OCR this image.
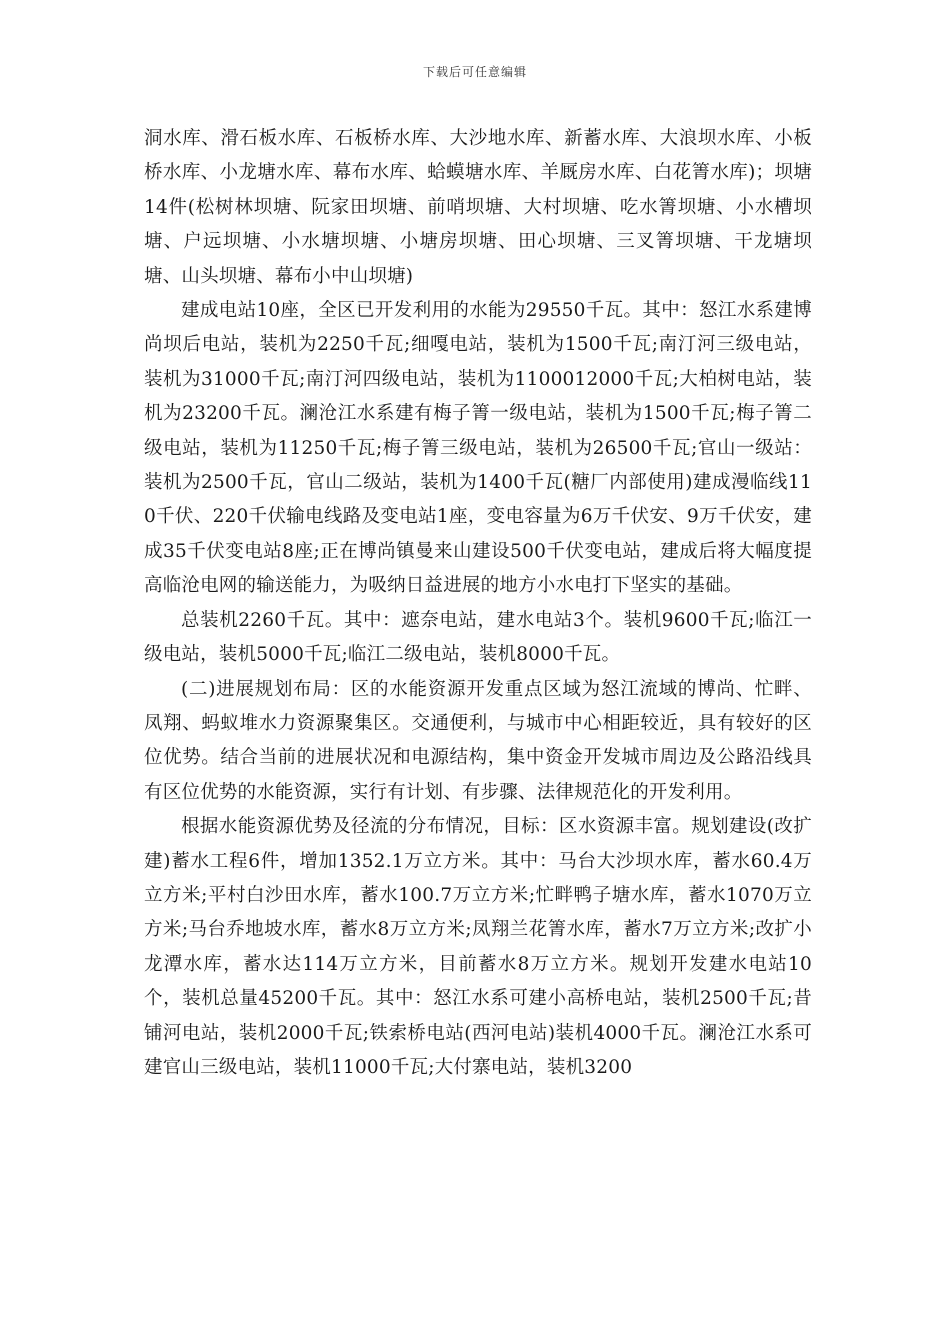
下载后可任意编辑

洞水库、滑石板水库、石板桥水库、大沙地水库、新蓄水库、大浪坝水库、小板桥水库、小龙塘水库、幕布水库、蛤蟆塘水库、羊厩房水库、白花箐水库)；坝塘14件(松树林坝塘、阮家田坝塘、前哨坝塘、大村坝塘、吃水箐坝塘、小水槽坝塘、户远坝塘、小水塘坝塘、小塘房坝塘、田心坝塘、三叉箐坝塘、干龙塘坝塘、山头坝塘、幕布小中山坝塘)

建成电站10座，全区已开发利用的水能为29550千瓦。其中：怒江水系建博尚坝后电站，装机为2250千瓦;细嘎电站，装机为1500千瓦;南汀河三级电站，装机为31000千瓦;南汀河四级电站，装机为1100012000千瓦;大柏树电站，装机为23200千瓦。澜沧江水系建有梅子箐一级电站，装机为1500千瓦;梅子箐二级电站，装机为11250千瓦;梅子箐三级电站，装机为26500千瓦;官山一级站：装机为2500千瓦，官山二级站，装机为1400千瓦(糖厂内部使用)建成漫临线110千伏、220千伏输电线路及变电站1座，变电容量为6万千伏安、9万千伏安，建成35千伏变电站8座;正在博尚镇曼来山建设500千伏变电站，建成后将大幅度提高临沧电网的输送能力，为吸纳日益进展的地方小水电打下坚实的基础。

总装机2260千瓦。其中：遮奈电站，建水电站3个。装机9600千瓦;临江一级电站，装机5000千瓦;临江二级电站，装机8000千瓦。

(二)进展规划布局：区的水能资源开发重点区域为怒江流域的博尚、忙畔、凤翔、蚂蚁堆水力资源聚集区。交通便利，与城市中心相距较近，具有较好的区位优势。结合当前的进展状况和电源结构，集中资金开发城市周边及公路沿线具有区位优势的水能资源，实行有计划、有步骤、法律规范化的开发利用。

根据水能资源优势及径流的分布情况，目标：区水资源丰富。规划建设(改扩建)蓄水工程6件，增加1352.1万立方米。其中：马台大沙坝水库，蓄水60.4万立方米;平村白沙田水库，蓄水100.7万立方米;忙畔鸭子塘水库，蓄水1070万立方米;马台乔地坡水库，蓄水8万立方米;凤翔兰花箐水库，蓄水7万立方米;改扩小龙潭水库，蓄水达114万立方米，目前蓄水8万立方米。规划开发建水电站10个，装机总量45200千瓦。其中：怒江水系可建小高桥电站，装机2500千瓦;昔铺河电站，装机2000千瓦;铁索桥电站(西河电站)装机4000千瓦。澜沧江水系可建官山三级电站，装机11000千瓦;大付寨电站，装机3200
